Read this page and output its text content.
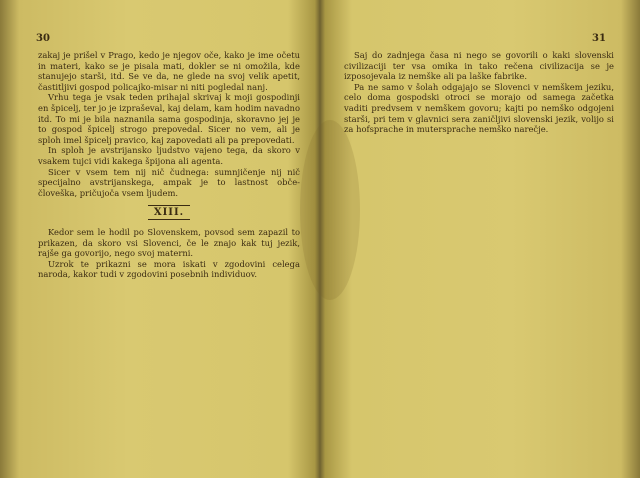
30

zakaj je prišel v Prago, kedo je njegov oče, kako je ime očetu in materi, kako se je pisala mati, dokler se ni omožila, kde stanujejo starši, itd. Se ve da, ne glede na svoj velik apetit, častitljivi gospod policajko-misar ni niti pogledal nanj.

Vrhu tega je vsak teden prihajal skrivaj k moji gospodinji en špicelj, ter jo je izpraševal, kaj delam, kam hodim navadno itd. To mi je bila naznanila sama gospodinja, skoravno jej je to gospod špicelj strogo prepovedal. Sicer no vem, ali je sploh imel špicelj pravico, kaj zapovedati ali pa prepovedati.

In sploh je avstrijansko ljudstvo vajeno tega, da skoro v vsakem tujci vidi kakega špijona ali agenta.

Sicer v vsem tem nij nič čudnega: sumnjičenje nij nič specijalno avstrijanskega, ampak je to lastnost obče-človeška, pričujoča vsem ljudem.

XIII.

Kedor sem le hodil po Slovenskem, povsod sem zapazil to prikazen, da skoro vsi Slovenci, če le znajo kak tuj jezik, rajše ga govorijo, nego svoj materni.

Uzrok te prikazni se mora iskati v zgodovini celega naroda, kakor tudi v zgodovini posebnih individuov.

31

Saj do zadnjega časa ni nego se govorili o kaki slovenski civilizaciji ter vsa omika in tako rečena civilizacija se je izposojevala iz nemške ali pa laške fabrike.

Pa ne samo v šolah odgajajo se Slovenci v nemškem jeziku, celo doma gospodski otroci se morajo od samega začetka vaditi predvsem v nemškem govoru; kajti po nemško odgojeni starši, pri tem v glavnici sera zaničljivi slovenski jezik, volijo si za hofsprache in mutersprache nemško narečje.
